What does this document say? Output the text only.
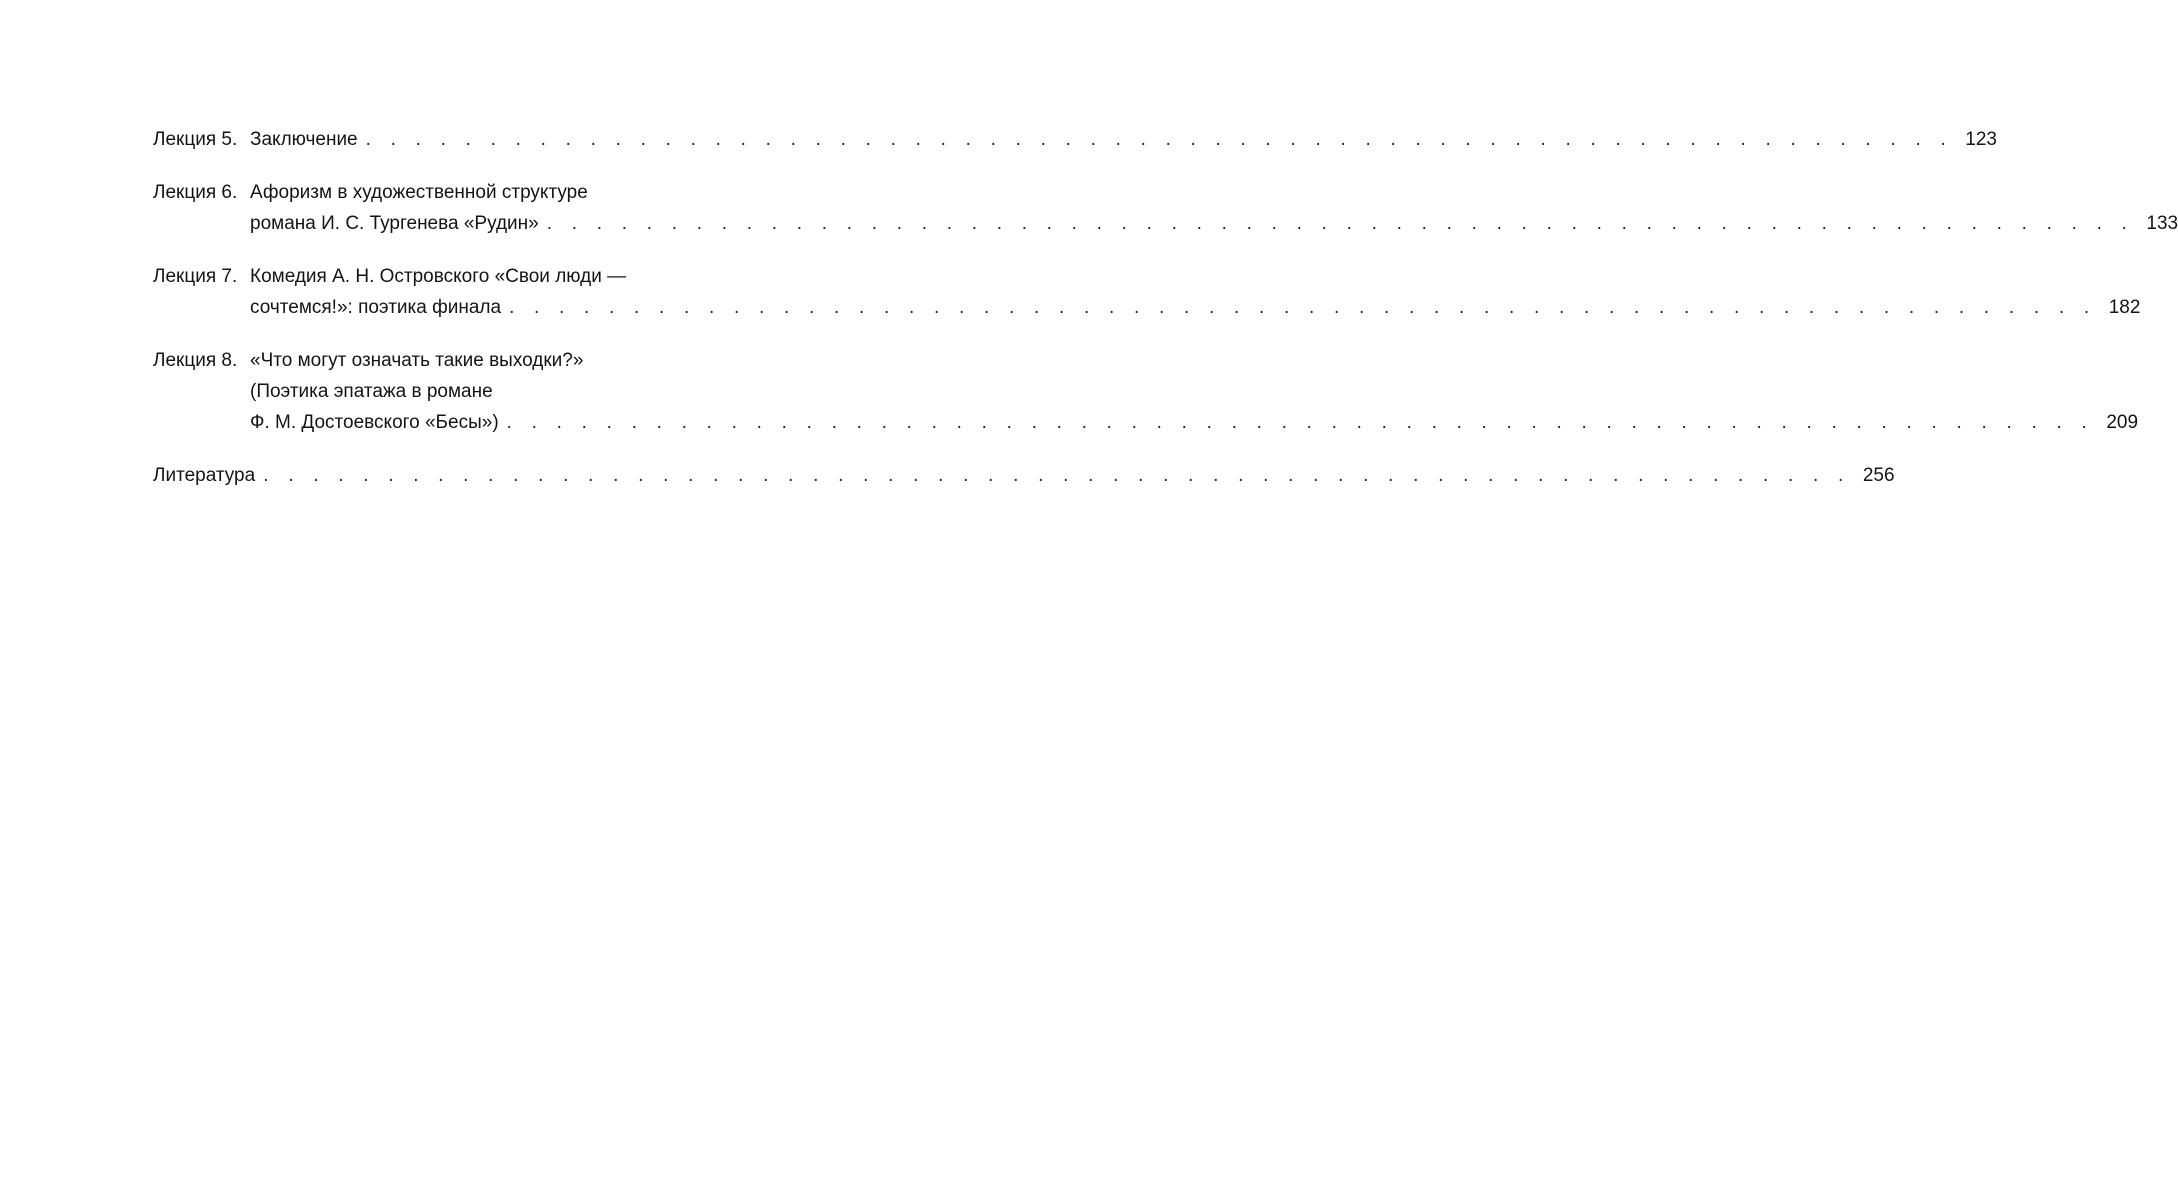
Лекция 5. Заключение . . . . . . . . . . . . . . . . . . . . . . . . . . . . . . . . . . . . . . . . . . . . . . . . . . . . . . . . . . . . . . . . 123
Лекция 6. Афоризм в художественной структуре
романа И. С. Тургенева «Рудин» . . . . . . . . . . . . . . . . . . . . . . . . . . . . . . . . . . . . . . . . . . . . . . . . . . . . . . . . . . . . . . . . 133
Лекция 7. Комедия А. Н. Островского «Свои люди —
сочтемся!»: поэтика финала . . . . . . . . . . . . . . . . . . . . . . . . . . . . . . . . . . . . . . . . . . . . . . . . . . . . . . . . . . . . . . . . 182
Лекция 8. «Что могут означать такие выходки?»
(Поэтика эпатажа в романе
Ф. М. Достоевского «Бесы») . . . . . . . . . . . . . . . . . . . . . . . . . . . . . . . . . . . . . . . . . . . . . . . . . . . . . . . . . . . . . . . . 209
Литература . . . . . . . . . . . . . . . . . . . . . . . . . . . . . . . . . . . . . . . . . . . . . . . . . . . . . . . . . . . . . . . . 256
